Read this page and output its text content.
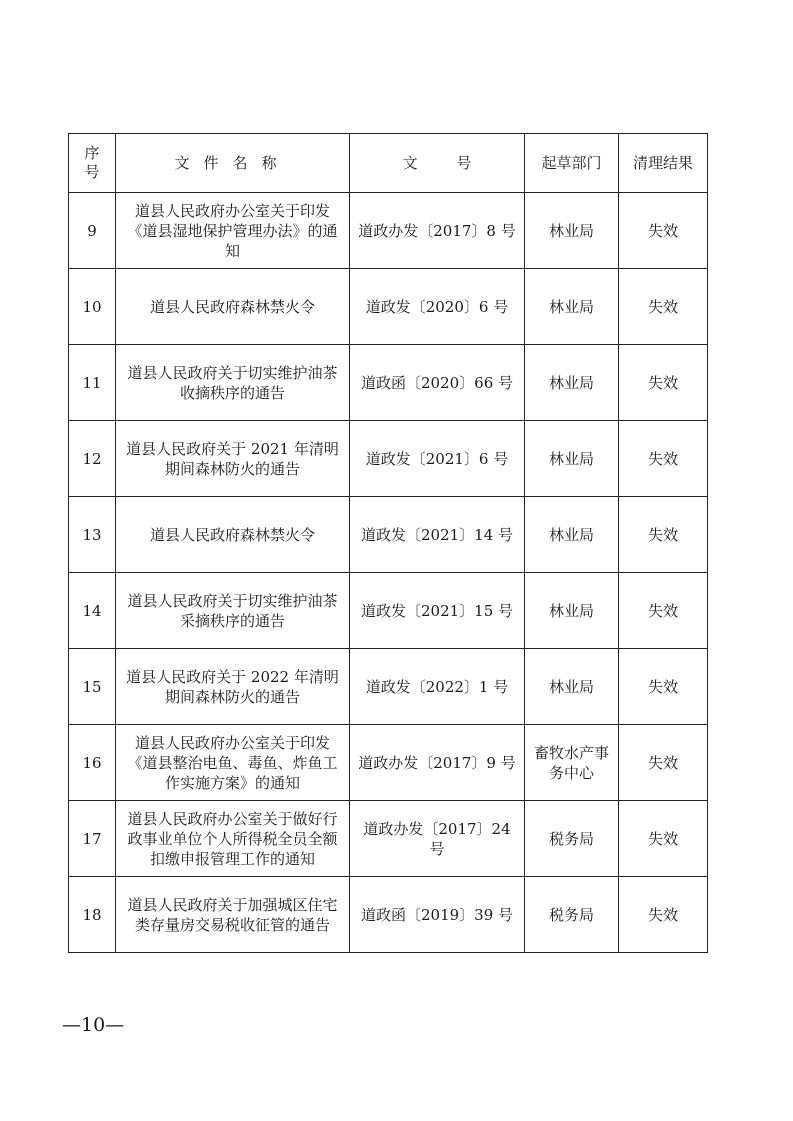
序
号	文件名称	文 号	起草部门	清理结果
9	道县人民政府办公室关于印发《道县湿地保护管理办法》的通知	道政办发〔2017〕8 号	林业局	失效
10	道县人民政府森林禁火令	道政发〔2020〕6 号	林业局	失效
11	道县人民政府关于切实维护油茶收摘秩序的通告	道政函〔2020〕66 号	林业局	失效
12	道县人民政府关于 2021 年清明期间森林防火的通告	道政发〔2021〕6 号	林业局	失效
13	道县人民政府森林禁火令	道政发〔2021〕14 号	林业局	失效
14	道县人民政府关于切实维护油茶采摘秩序的通告	道政发〔2021〕15 号	林业局	失效
15	道县人民政府关于 2022 年清明期间森林防火的通告	道政发〔2022〕1 号	林业局	失效
16	道县人民政府办公室关于印发《道县整治电鱼、毒鱼、炸鱼工作实施方案》的通知	道政办发〔2017〕9 号	畜牧水产事务中心	失效
17	道县人民政府办公室关于做好行政事业单位个人所得税全员全额扣缴申报管理工作的通知	道政办发〔2017〕24 号	税务局	失效
18	道县人民政府关于加强城区住宅类存量房交易税收征管的通告	道政函〔2019〕39 号	税务局	失效
—10—
